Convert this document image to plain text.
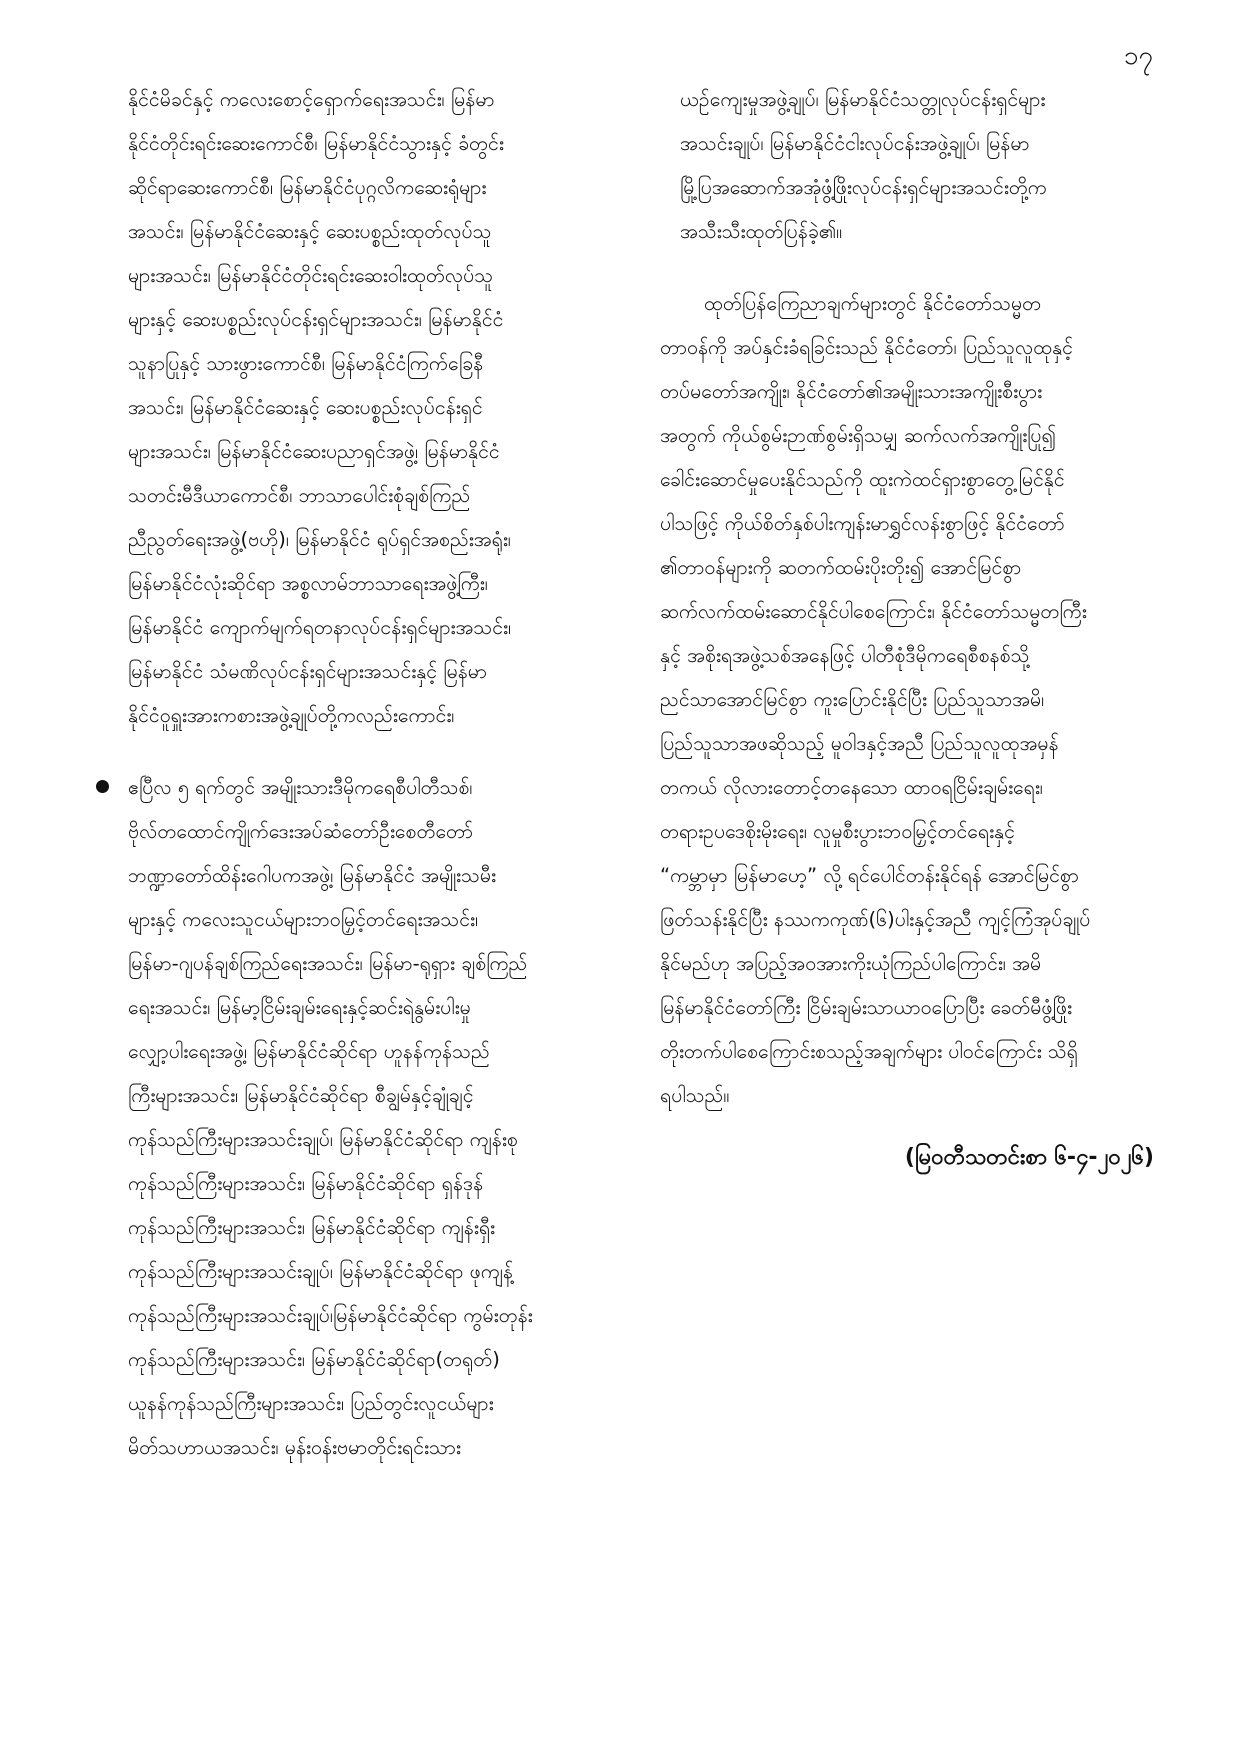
၁၇
နိုင်ငံမိခင်နှင့် ကလေးစောင့်ရှောက်ရေးအသင်း၊ မြန်မာ
နိုင်ငံတိုင်းရင်းဆေးကောင်စီ၊ မြန်မာနိုင်ငံသွားနှင့် ခံတွင်း
ဆိုင်ရာဆေးကောင်စီ၊ မြန်မာနိုင်ငံပုဂ္ဂလိကဆေးရုံများ
အသင်း၊ မြန်မာနိုင်ငံဆေးနှင့် ဆေးပစ္စည်းထုတ်လုပ်သူ
များအသင်း၊ မြန်မာနိုင်ငံတိုင်းရင်းဆေးဝါးထုတ်လုပ်သူ
များနှင့် ဆေးပစ္စည်းလုပ်ငန်းရှင်များအသင်း၊ မြန်မာနိုင်ငံ
သူနာပြုနှင့် သားဖွားကောင်စီ၊ မြန်မာနိုင်ငံကြက်ခြေနီ
အသင်း၊ မြန်မာနိုင်ငံဆေးနှင့် ဆေးပစ္စည်းလုပ်ငန်းရှင်
များအသင်း၊ မြန်မာနိုင်ငံဆေးပညာရှင်အဖွဲ့၊ မြန်မာနိုင်ငံ
သတင်းမီဒီယာကောင်စီ၊ ဘာသာပေါင်းစုံချစ်ကြည်
ညီညွတ်ရေးအဖွဲ့(ဗဟို)၊ မြန်မာနိုင်ငံ ရုပ်ရှင်အစည်းအရုံး၊
မြန်မာနိုင်ငံလုံးဆိုင်ရာ အစ္စလာမ်ဘာသာရေးအဖွဲ့ကြီး၊
မြန်မာနိုင်ငံ ကျောက်မျက်ရတနာလုပ်ငန်းရှင်များအသင်း၊
မြန်မာနိုင်ငံ သံမဏိလုပ်ငန်းရှင်များအသင်းနှင့် မြန်မာ
နိုင်ငံဝူရှူးအားကစားအဖွဲ့ချုပ်တို့ကလည်းကောင်း၊
ဧပြီလ ၅ ရက်တွင် အမျိုးသားဒီမိုကရေစီပါတီသစ်၊
ဗိုလ်တထောင်ကျိုက်ဒေးအပ်ဆံတော်ဦးစေတီတော်
ဘဏ္ဍာတော်ထိန်းဂေါပကအဖွဲ့၊ မြန်မာနိုင်ငံ အမျိုးသမီး
များနှင့် ကလေးသူငယ်များဘဝမြှင့်တင်ရေးအသင်း၊
မြန်မာ-ဂျပန်ချစ်ကြည်ရေးအသင်း၊ မြန်မာ-ရုရှား ချစ်ကြည်
ရေးအသင်း၊ မြန်မာ့ငြိမ်းချမ်းရေးနှင့်ဆင်းရဲနွမ်းပါးမှု
လျှော့ပါးရေးအဖွဲ့၊ မြန်မာနိုင်ငံဆိုင်ရာ ဟူနန်ကုန်သည်
ကြီးများအသင်း၊ မြန်မာနိုင်ငံဆိုင်ရာ စီချွမ်နှင့်ချုံချင့်
ကုန်သည်ကြီးများအသင်းချုပ်၊ မြန်မာနိုင်ငံဆိုင်ရာ ကျန်းစု
ကုန်သည်ကြီးများအသင်း၊ မြန်မာနိုင်ငံဆိုင်ရာ ရှန်ဒုန်
ကုန်သည်ကြီးများအသင်း၊ မြန်မာနိုင်ငံဆိုင်ရာ ကျန်းရှီး
ကုန်သည်ကြီးများအသင်းချုပ်၊ မြန်မာနိုင်ငံဆိုင်ရာ ဖုကျန့်
ကုန်သည်ကြီးများအသင်းချုပ်၊မြန်မာနိုင်ငံဆိုင်ရာ ကွမ်းတုန်း
ကုန်သည်ကြီးများအသင်း၊ မြန်မာနိုင်ငံဆိုင်ရာ(တရုတ်)
ယူနန်ကုန်သည်ကြီးများအသင်း၊ ပြည်တွင်းလူငယ်များ
မိတ်သဟာယအသင်း၊ မုန်းဝန်းဗမာတိုင်းရင်းသား
ယဉ်ကျေးမှုအဖွဲ့ချုပ်၊ မြန်မာနိုင်ငံသတ္တုလုပ်ငန်းရှင်များ
အသင်းချုပ်၊ မြန်မာနိုင်ငံငါးလုပ်ငန်းအဖွဲ့ချုပ်၊ မြန်မာ
မြို့ပြအဆောက်အအုံဖွံ့ဖြိုးလုပ်ငန်းရှင်များအသင်းတို့က
အသီးသီးထုတ်ပြန်ခဲ့၏။
ထုတ်ပြန်ကြေညာချက်များတွင် နိုင်ငံတော်သမ္မတ
တာဝန်ကို အပ်နှင်းခံရခြင်းသည် နိုင်ငံတော်၊ ပြည်သူလူထုနှင့်
တပ်မတော်အကျိုး၊ နိုင်ငံတော်၏အမျိုးသားအကျိုးစီးပွား
အတွက် ကိုယ်စွမ်းဉာဏ်စွမ်းရှိသမျှ ဆက်လက်အကျိုးပြု၍
ခေါင်းဆောင်မှုပေးနိုင်သည်ကို ထူးကဲထင်ရှားစွာတွေ့မြင်နိုင်
ပါသဖြင့် ကိုယ်စိတ်နှစ်ပါးကျန်းမာရွှင်လန်းစွာဖြင့် နိုင်ငံတော်
၏တာဝန်များကို ဆတက်ထမ်းပိုးတိုး၍ အောင်မြင်စွာ
ဆက်လက်ထမ်းဆောင်နိုင်ပါစေကြောင်း၊ နိုင်ငံတော်သမ္မတကြီး
နှင့် အစိုးရအဖွဲ့သစ်အနေဖြင့် ပါတီစုံဒီမိုကရေစီစနစ်သို့
ညင်သာအောင်မြင်စွာ ကူးပြောင်းနိုင်ပြီး ပြည်သူသာအမိ၊
ပြည်သူသာအဖဆိုသည့် မူဝါဒနှင့်အညီ ပြည်သူလူထုအမှန်
တကယ် လိုလားတောင့်တနေသော ထာဝရငြိမ်းချမ်းရေး၊
တရားဥပဒေစိုးမိုးရေး၊ လူမှုစီးပွားဘဝမြှင့်တင်ရေးနှင့်
“ကမ္ဘာမှာ မြန်မာဟေ့” လို့ ရင်ပေါင်တန်းနိုင်ရန် အောင်မြင်စွာ
ဖြတ်သန်းနိုင်ပြီး နဿကကုဏ်(၆)ပါးနှင့်အညီ ကျင့်ကြံအုပ်ချုပ်
နိုင်မည်ဟု အပြည့်အဝအားကိုးယုံကြည်ပါကြောင်း၊ အမိ
မြန်မာနိုင်ငံတော်ကြီး ငြိမ်းချမ်းသာယာဝပြောပြီး ခေတ်မီဖွံ့ဖြိုး
တိုးတက်ပါစေကြောင်းစသည့်အချက်များ ပါဝင်ကြောင်း သိရှိ
ရပါသည်။
(မြဝတီသတင်းစာ ၆-၄-၂၀၂၆)
